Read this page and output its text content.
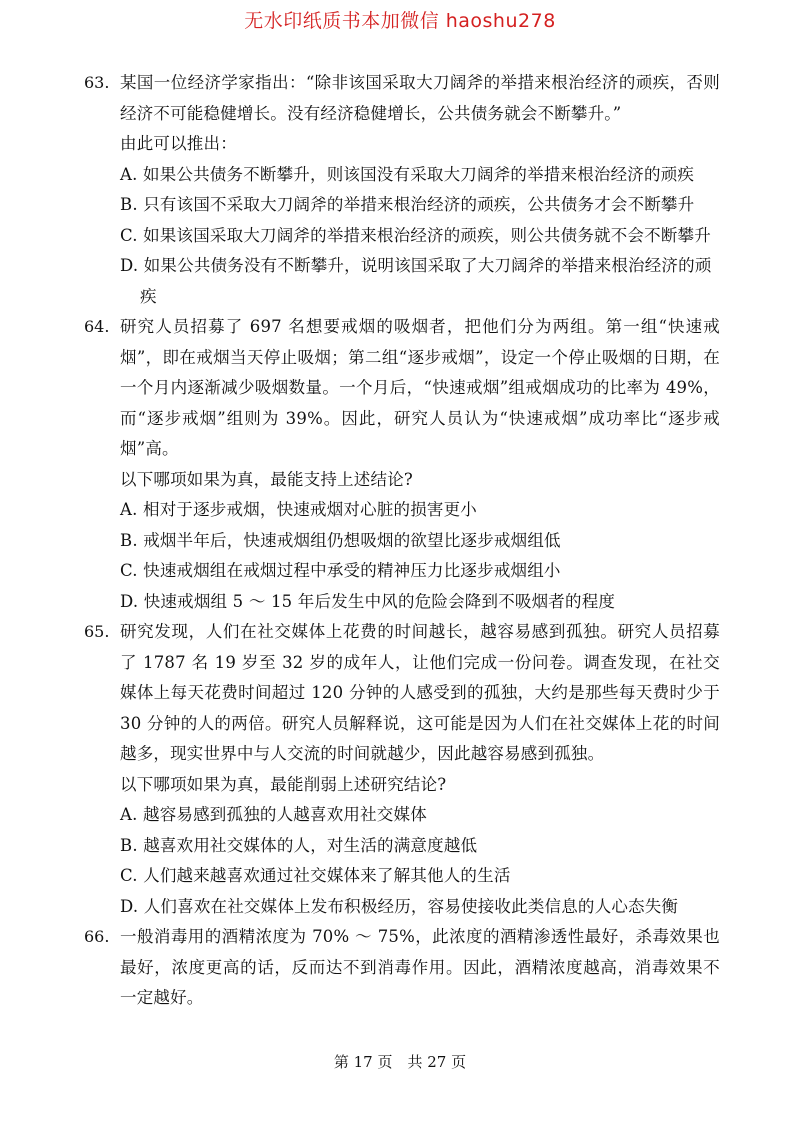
无水印纸质书本加微信 haoshu278
63. 某国一位经济学家指出：“除非该国采取大刀阔斧的举措来根治经济的顽疾，否则经济不可能稳健增长。没有经济稳健增长，公共债务就会不断攀升。”

由此可以推出：

A. 如果公共债务不断攀升，则该国没有采取大刀阔斧的举措来根治经济的顽疾

B. 只有该国不采取大刀阔斧的举措来根治经济的顽疾，公共债务才会不断攀升

C. 如果该国采取大刀阔斧的举措来根治经济的顽疾，则公共债务就不会不断攀升

D. 如果公共债务没有不断攀升，说明该国采取了大刀阔斧的举措来根治经济的顽疾

64. 研究人员招募了 697 名想要戒烟的吸烟者，把他们分为两组。第一组“快速戒烟”，即在戒烟当天停止吸烟；第二组“逐步戒烟”，设定一个停止吸烟的日期，在一个月内逐渐减少吸烟数量。一个月后，“快速戒烟”组戒烟成功的比率为 49%，而“逐步戒烟”组则为 39%。因此，研究人员认为“快速戒烟”成功率比“逐步戒烟”高。

以下哪项如果为真，最能支持上述结论?

A. 相对于逐步戒烟，快速戒烟对心脏的损害更小

B. 戒烟半年后，快速戒烟组仍想吸烟的欲望比逐步戒烟组低

C. 快速戒烟组在戒烟过程中承受的精神压力比逐步戒烟组小

D. 快速戒烟组 5 ～ 15 年后发生中风的危险会降到不吸烟者的程度

65. 研究发现，人们在社交媒体上花费的时间越长，越容易感到孤独。研究人员招募了 1787 名 19 岁至 32 岁的成年人，让他们完成一份问卷。调查发现，在社交媒体上每天花费时间超过 120 分钟的人感受到的孤独，大约是那些每天费时少于 30 分钟的人的两倍。研究人员解释说，这可能是因为人们在社交媒体上花的时间越多，现实世界中与人交流的时间就越少，因此越容易感到孤独。

以下哪项如果为真，最能削弱上述研究结论?

A. 越容易感到孤独的人越喜欢用社交媒体

B. 越喜欢用社交媒体的人，对生活的满意度越低

C. 人们越来越喜欢通过社交媒体来了解其他人的生活

D. 人们喜欢在社交媒体上发布积极经历，容易使接收此类信息的人心态失衡

66. 一般消毒用的酒精浓度为 70% ～ 75%，此浓度的酒精渗透性最好，杀毒效果也最好，浓度更高的话，反而达不到消毒作用。因此，酒精浓度越高，消毒效果不一定越好。

第 17 页　共 27 页
